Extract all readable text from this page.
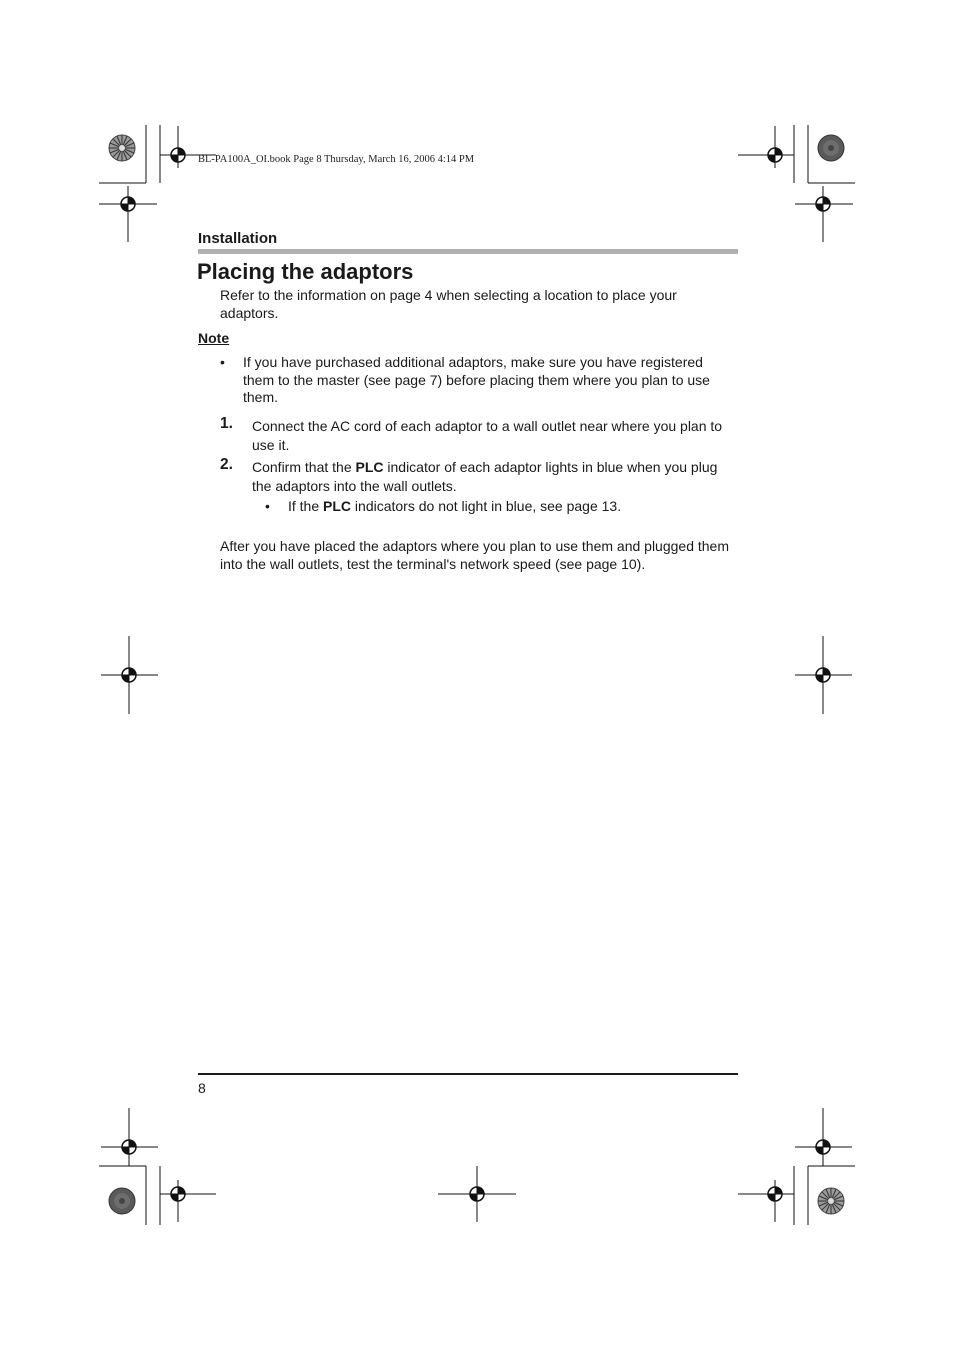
BL-PA100A_OI.book Page 8 Thursday, March 16, 2006 4:14 PM
Installation
Placing the adaptors

Refer to the information on page 4 when selecting a location to place your adaptors.

Note
• If you have purchased additional adaptors, make sure you have registered them to the master (see page 7) before placing them where you plan to use them.
1. Connect the AC cord of each adaptor to a wall outlet near where you plan to use it.
2. Confirm that the PLC indicator of each adaptor lights in blue when you plug the adaptors into the wall outlets.
• If the PLC indicators do not light in blue, see page 13.

After you have placed the adaptors where you plan to use them and plugged them into the wall outlets, test the terminal's network speed (see page 10).

8
